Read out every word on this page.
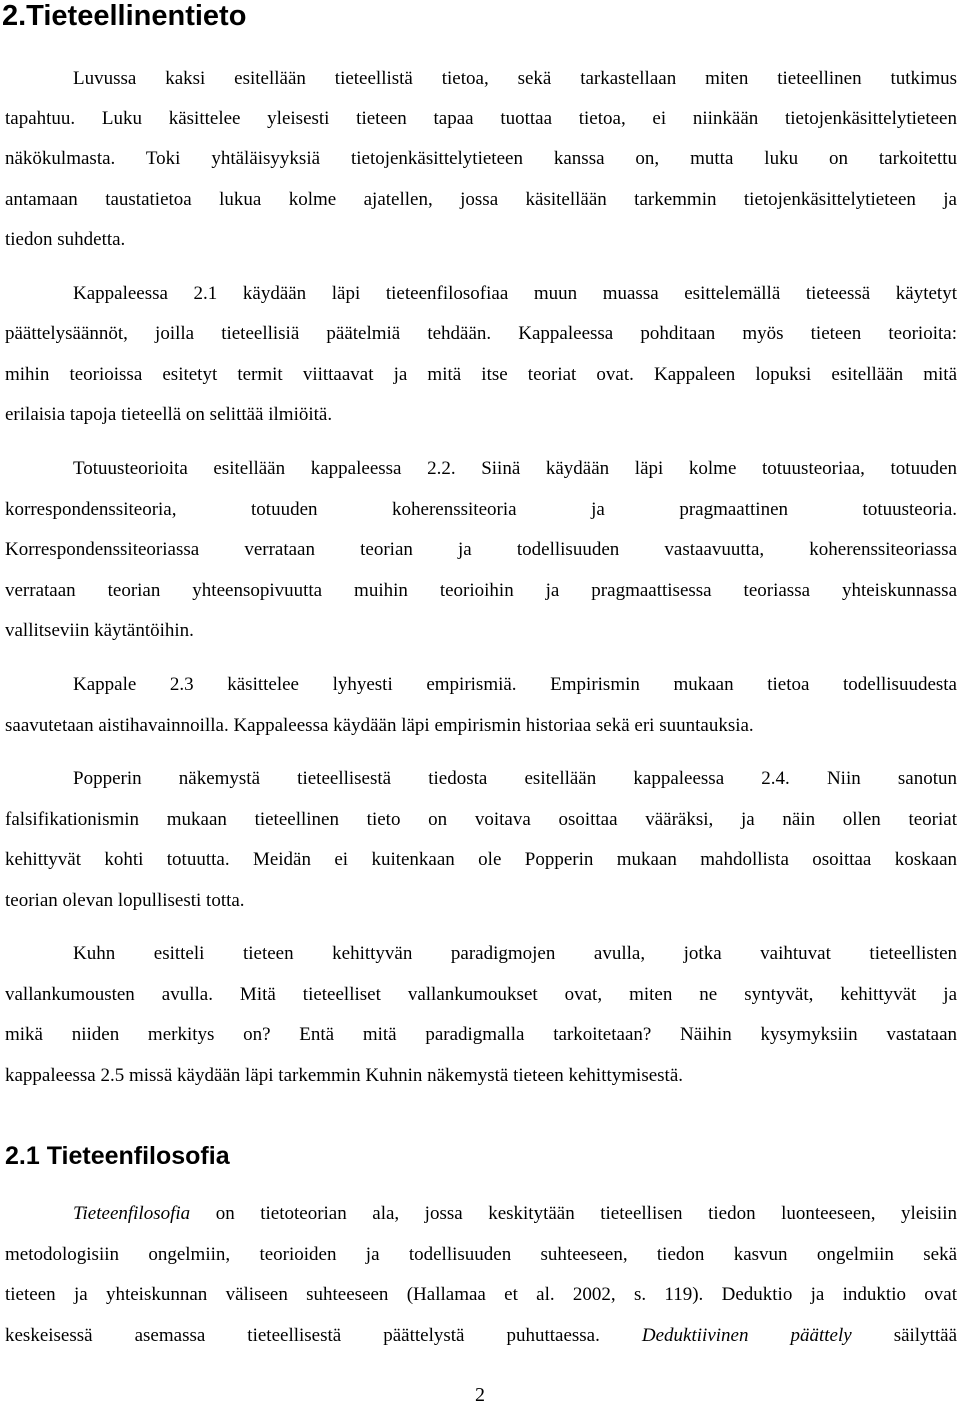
2.Tieteellinentieto
Luvussa kaksi esitellään tieteellistä tietoa, sekä tarkastellaan miten tieteellinen tutkimus
tapahtuu. Luku käsittelee yleisesti tieteen tapaa tuottaa tietoa, ei niinkään tietojenkäsittelytieteen
näkökulmasta. Toki yhtäläisyyksiä tietojenkäsittelytieteen kanssa on, mutta luku on tarkoitettu
antamaan taustatietoa lukua kolme ajatellen, jossa käsitellään tarkemmin tietojenkäsittelytieteen ja
tiedon suhdetta.
Kappaleessa 2.1 käydään läpi tieteenfilosofiaa muun muassa esittelemällä tieteessä käytetyt
päättelysäännöt, joilla tieteellisiä päätelmiä tehdään. Kappaleessa pohditaan myös tieteen teorioita:
mihin teorioissa esitetyt termit viittaavat ja mitä itse teoriat ovat. Kappaleen lopuksi esitellään mitä
erilaisia tapoja tieteellä on selittää ilmiöitä.
Totuusteorioita esitellään kappaleessa 2.2. Siinä käydään läpi kolme totuusteoriaa, totuuden
korrespondenssiteoria, totuuden koherenssiteoria ja pragmaattinen totuusteoria.
Korrespondenssiteoriassa verrataan teorian ja todellisuuden vastaavuutta, koherenssiteoriassa
verrataan teorian yhteensopivuutta muihin teorioihin ja pragmaattisessa teoriassa yhteiskunnassa
vallitseviin käytäntöihin.
Kappale 2.3 käsittelee lyhyesti empirismiä. Empirismin mukaan tietoa todellisuudesta
saavutetaan aistihavainnoilla. Kappaleessa käydään läpi empirismin historiaa sekä eri suuntauksia.
Popperin näkemystä tieteellisestä tiedosta esitellään kappaleessa 2.4. Niin sanotun
falsifikationismin mukaan tieteellinen tieto on voitava osoittaa vääräksi, ja näin ollen teoriat
kehittyvät kohti totuutta. Meidän ei kuitenkaan ole Popperin mukaan mahdollista osoittaa koskaan
teorian olevan lopullisesti totta.
Kuhn esitteli tieteen kehittyvän paradigmojen avulla, jotka vaihtuvat tieteellisten
vallankumousten avulla. Mitä tieteelliset vallankumoukset ovat, miten ne syntyvät, kehittyvät ja
mikä niiden merkitys on? Entä mitä paradigmalla tarkoitetaan? Näihin kysymyksiin vastataan
kappaleessa 2.5 missä käydään läpi tarkemmin Kuhnin näkemystä tieteen kehittymisestä.
2.1 Tieteenfilosofia
Tieteenfilosofia on tietoteorian ala, jossa keskitytään tieteellisen tiedon luonteeseen, yleisiin
metodologisiin ongelmiin, teorioiden ja todellisuuden suhteeseen, tiedon kasvun ongelmiin sekä
tieteen ja yhteiskunnan väliseen suhteeseen (Hallamaa et al. 2002, s. 119). Deduktio ja induktio ovat
keskeisessä asemassa tieteellisestä päättelystä puhuttaessa. Deduktiivinen päättely säilyttää
2
